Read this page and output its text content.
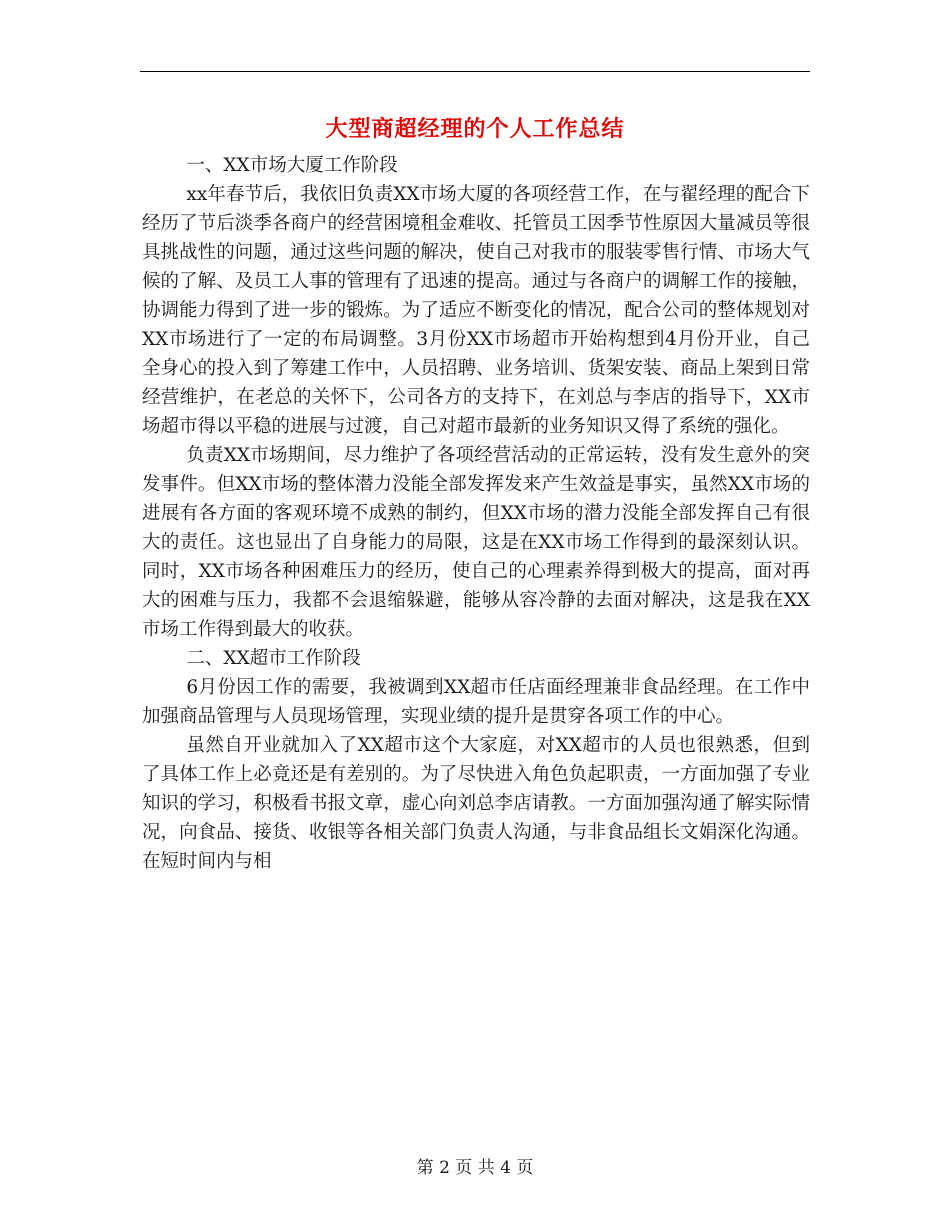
大型商超经理的个人工作总结

一、XX市场大厦工作阶段

xx年春节后，我依旧负责XX市场大厦的各项经营工作，在与翟经理的配合下经历了节后淡季各商户的经营困境租金难收、托管员工因季节性原因大量减员等很具挑战性的问题，通过这些问题的解决，使自己对我市的服装零售行情、市场大气候的了解、及员工人事的管理有了迅速的提高。通过与各商户的调解工作的接触，协调能力得到了进一步的锻炼。为了适应不断变化的情况，配合公司的整体规划对XX市场进行了一定的布局调整。3月份XX市场超市开始构想到4月份开业，自己全身心的投入到了筹建工作中，人员招聘、业务培训、货架安装、商品上架到日常经营维护，在老总的关怀下，公司各方的支持下，在刘总与李店的指导下，XX市场超市得以平稳的进展与过渡，自己对超市最新的业务知识又得了系统的强化。

负责XX市场期间，尽力维护了各项经营活动的正常运转，没有发生意外的突发事件。但XX市场的整体潜力没能全部发挥发来产生效益是事实，虽然XX市场的进展有各方面的客观环境不成熟的制约，但XX市场的潜力没能全部发挥自己有很大的责任。这也显出了自身能力的局限，这是在XX市场工作得到的最深刻认识。同时，XX市场各种困难压力的经历，使自己的心理素养得到极大的提高，面对再大的困难与压力，我都不会退缩躲避，能够从容冷静的去面对解决，这是我在XX市场工作得到最大的收获。

二、XX超市工作阶段

6月份因工作的需要，我被调到XX超市任店面经理兼非食品经理。在工作中加强商品管理与人员现场管理，实现业绩的提升是贯穿各项工作的中心。

虽然自开业就加入了XX超市这个大家庭，对XX超市的人员也很熟悉，但到了具体工作上必竟还是有差别的。为了尽快进入角色负起职责，一方面加强了专业知识的学习，积极看书报文章，虚心向刘总李店请教。一方面加强沟通了解实际情况，向食品、接货、收银等各相关部门负责人沟通，与非食品组长文娟深化沟通。在短时间内与相

第 2 页 共 4 页
